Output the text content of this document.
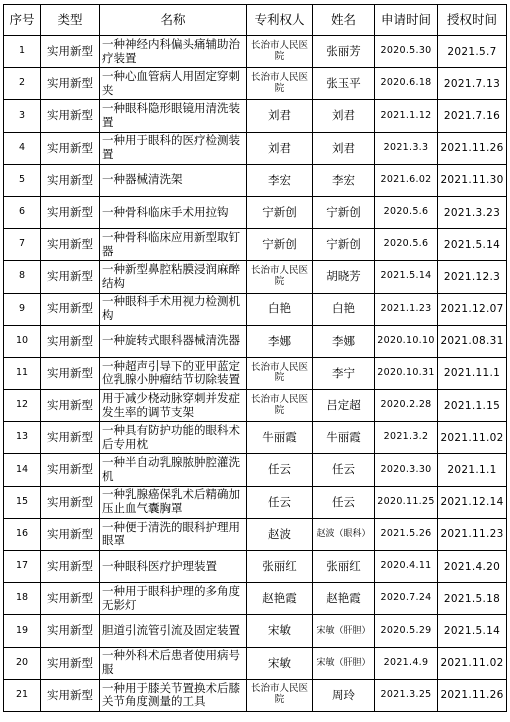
序号	类型	名称	专利权人	姓名	申请时间	授权时间
1	实用新型	一种神经内科偏头痛辅助治疗装置	长治市人民医院	张丽芳	2020.5.30	2021.5.7
2	实用新型	一种心血管病人用固定穿刺夹	长治市人民医院	张玉平	2020.6.18	2021.7.13
3	实用新型	一种眼科隐形眼镜用清洗装置	刘君	刘君	2021.1.12	2021.7.16
4	实用新型	一种用于眼科的医疗检测装置	刘君	刘君	2021.3.3	2021.11.26
5	实用新型	一种器械清洗架	李宏	李宏	2021.6.02	2021.11.30
6	实用新型	一种骨科临床手术用拉钩	宁新创	宁新创	2020.5.6	2021.3.23
7	实用新型	一种骨科临床应用新型取钉器	宁新创	宁新创	2020.5.6	2021.5.14
8	实用新型	一种新型鼻腔粘膜浸润麻醉结构	长治市人民医院	胡晓芳	2021.5.14	2021.12.3
9	实用新型	一种眼科手术用视力检测机构	白艳	白艳	2021.1.23	2021.12.07
10	实用新型	一种旋转式眼科器械清洗器	李娜	李娜	2020.10.10	2021.08.31
11	实用新型	一种超声引导下的亚甲蓝定位乳腺小肿瘤结节切除装置	长治市人民医院	李宁	2020.10.31	2021.11.1
12	实用新型	用于减少桡动脉穿刺并发症发生率的调节支架	长治市人民医院	吕定超	2020.2.28	2021.1.15
13	实用新型	一种具有防护功能的眼科术后专用枕	牛丽霞	牛丽霞	2021.3.2	2021.11.02
14	实用新型	一种半自动乳腺脓肿腔灌洗机	任云	任云	2020.3.30	2021.1.1
15	实用新型	一种乳腺癌保乳术后精确加压止血气囊胸罩	任云	任云	2020.11.25	2021.12.14
16	实用新型	一种便于清洗的眼科护理用眼罩	赵波	赵波（眼科）	2021.5.26	2021.11.23
17	实用新型	一种眼科医疗护理装置	张丽红	张丽红	2020.4.11	2021.4.20
18	实用新型	一种用于眼科护理的多角度无影灯	赵艳霞	赵艳霞	2020.7.24	2021.5.18
19	实用新型	胆道引流管引流及固定装置	宋敏	宋敏（肝胆）	2020.5.29	2021.5.14
20	实用新型	一种外科术后患者使用病号服	宋敏	宋敏（肝胆）	2021.4.9	2021.11.02
21	实用新型	一种用于膝关节置换术后膝关节角度测量的工具	长治市人民医院	周玲	2021.3.25	2021.11.26
